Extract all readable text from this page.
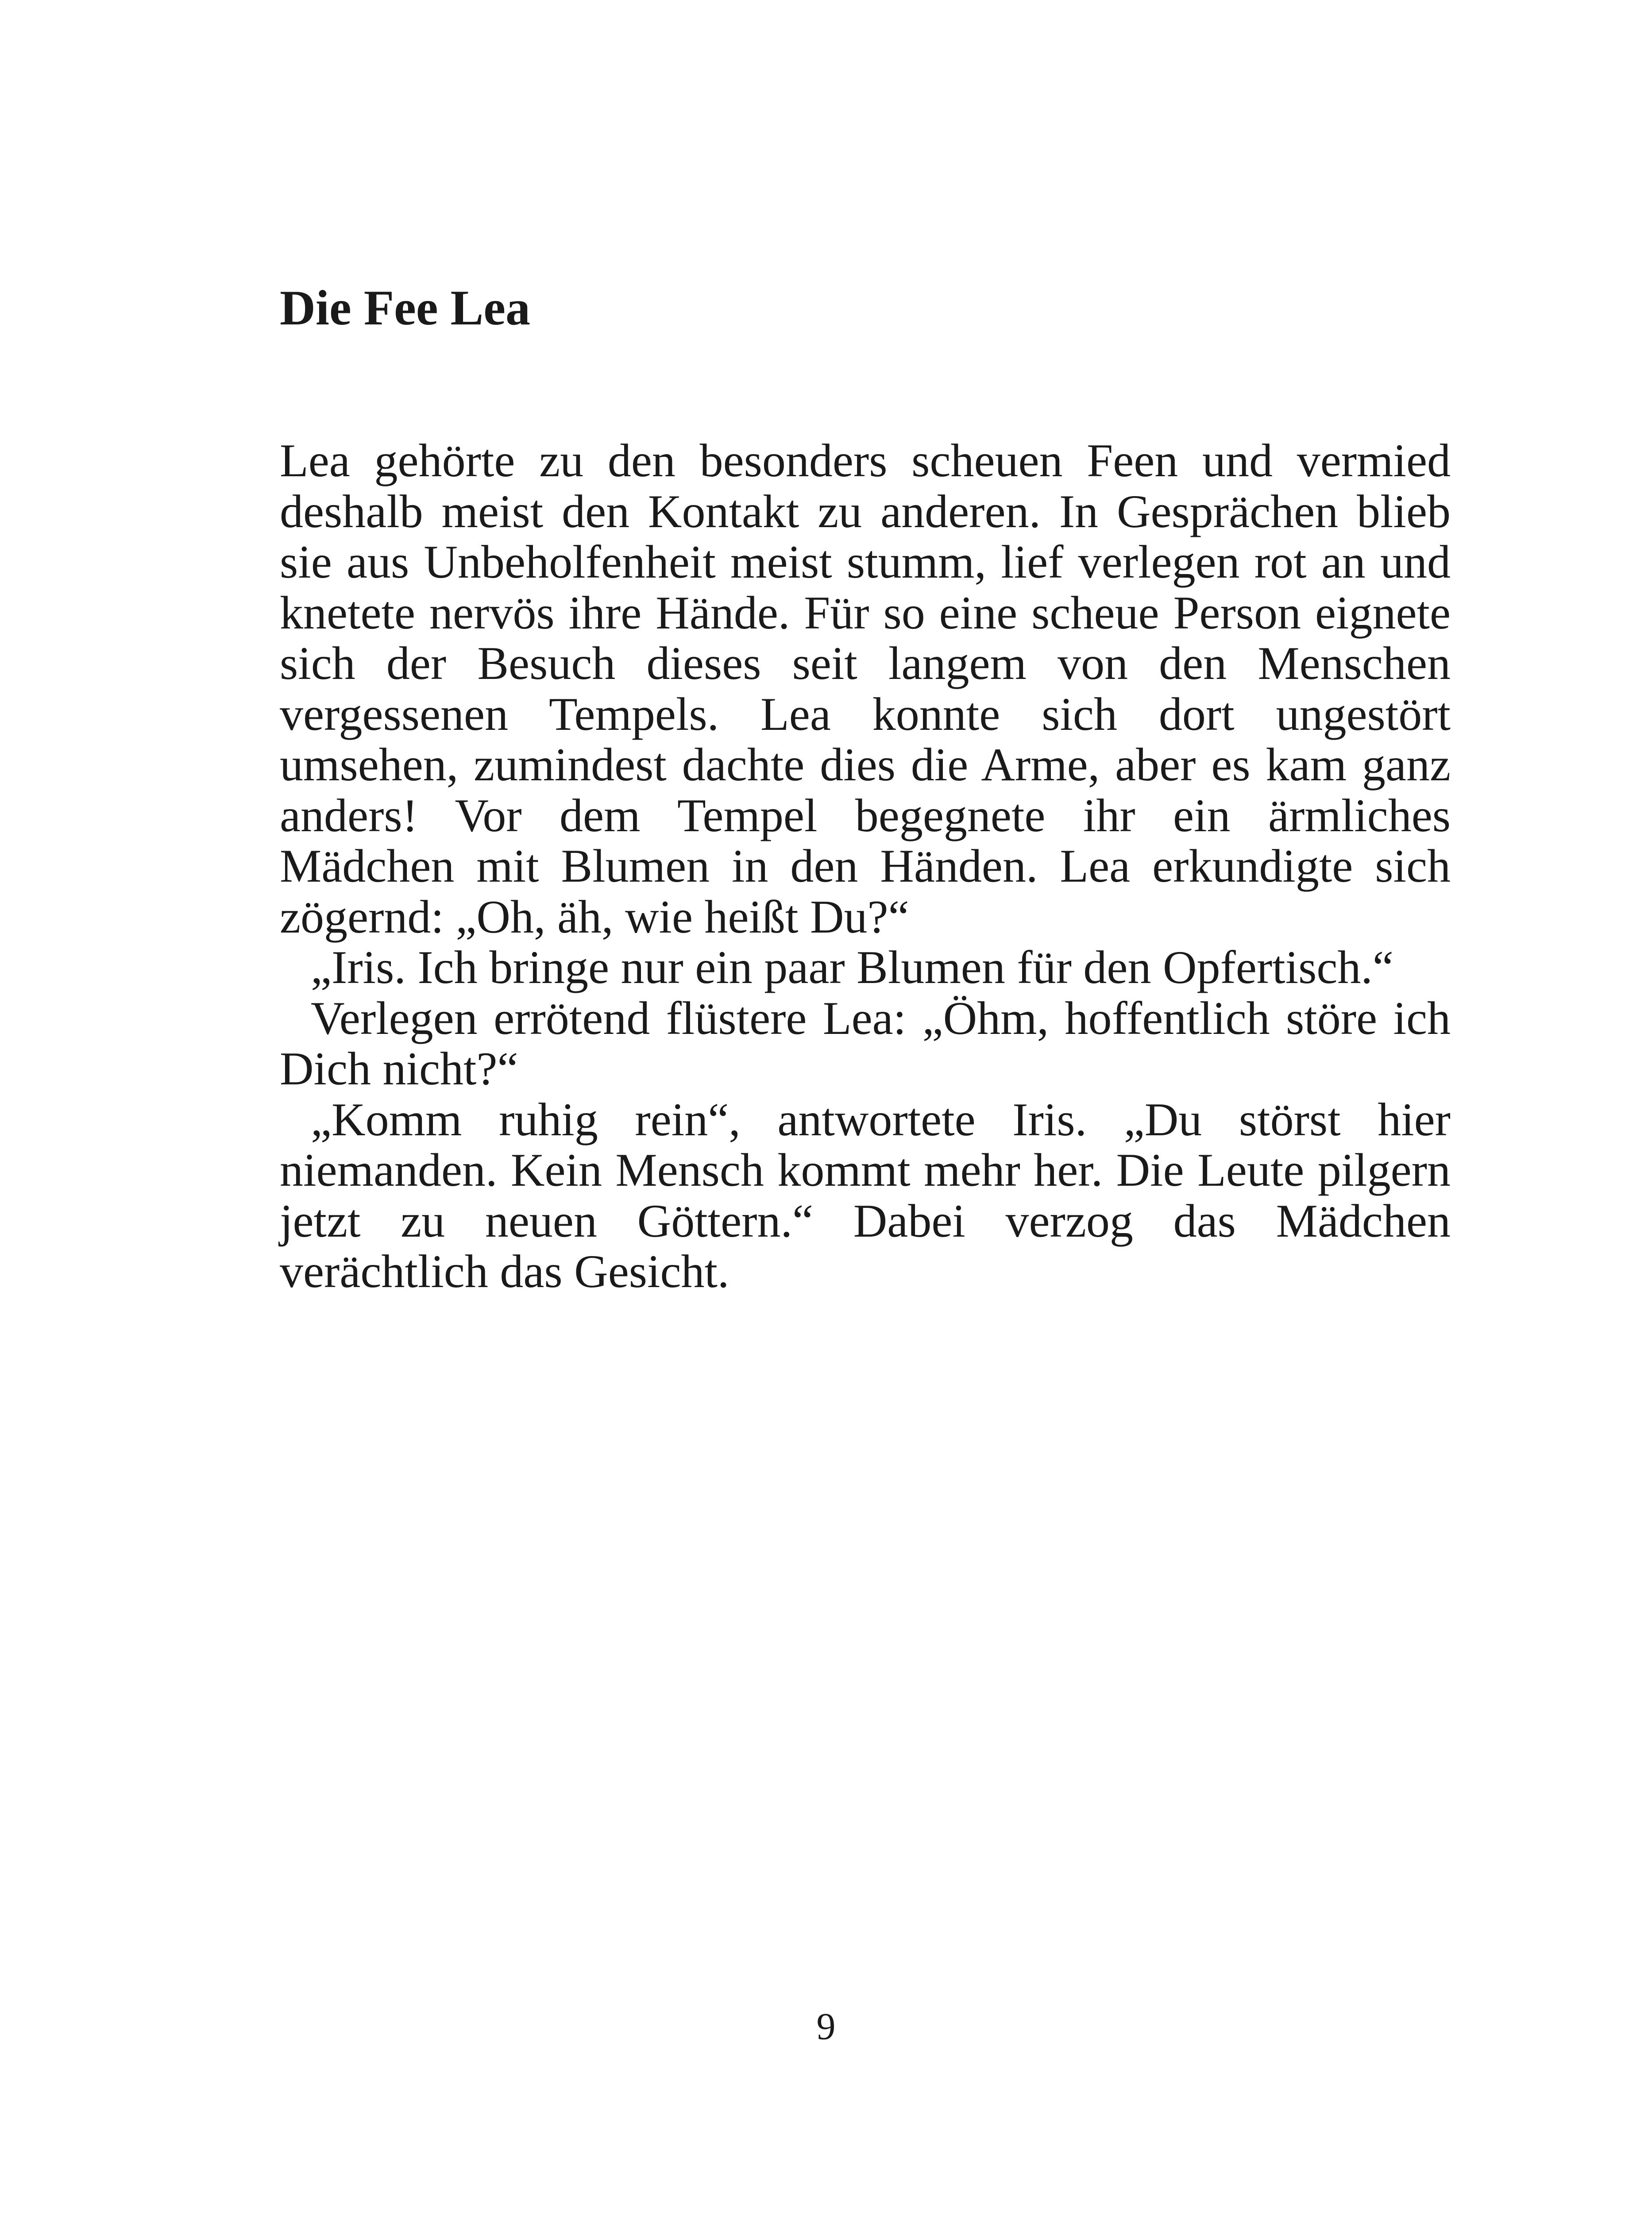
Die Fee Lea

Lea gehörte zu den besonders scheuen Feen und vermied deshalb meist den Kontakt zu anderen. In Gesprächen blieb sie aus Unbeholfenheit meist stumm, lief verlegen rot an und knetete nervös ihre Hände. Für so eine scheue Person eignete sich der Besuch dieses seit langem von den Menschen vergessenen Tempels. Lea konnte sich dort ungestört umsehen, zumindest dachte dies die Arme, aber es kam ganz anders! Vor dem Tempel begegnete ihr ein ärmliches Mädchen mit Blumen in den Händen. Lea erkundigte sich zögernd: „Oh, äh, wie heißt Du?“

„Iris. Ich bringe nur ein paar Blumen für den Opfertisch.“

Verlegen errötend flüstere Lea: „Öhm, hoffentlich störe ich Dich nicht?“

„Komm ruhig rein“, antwortete Iris. „Du störst hier niemanden. Kein Mensch kommt mehr her. Die Leute pilgern jetzt zu neuen Göttern.“ Dabei verzog das Mädchen verächtlich das Gesicht.

9
